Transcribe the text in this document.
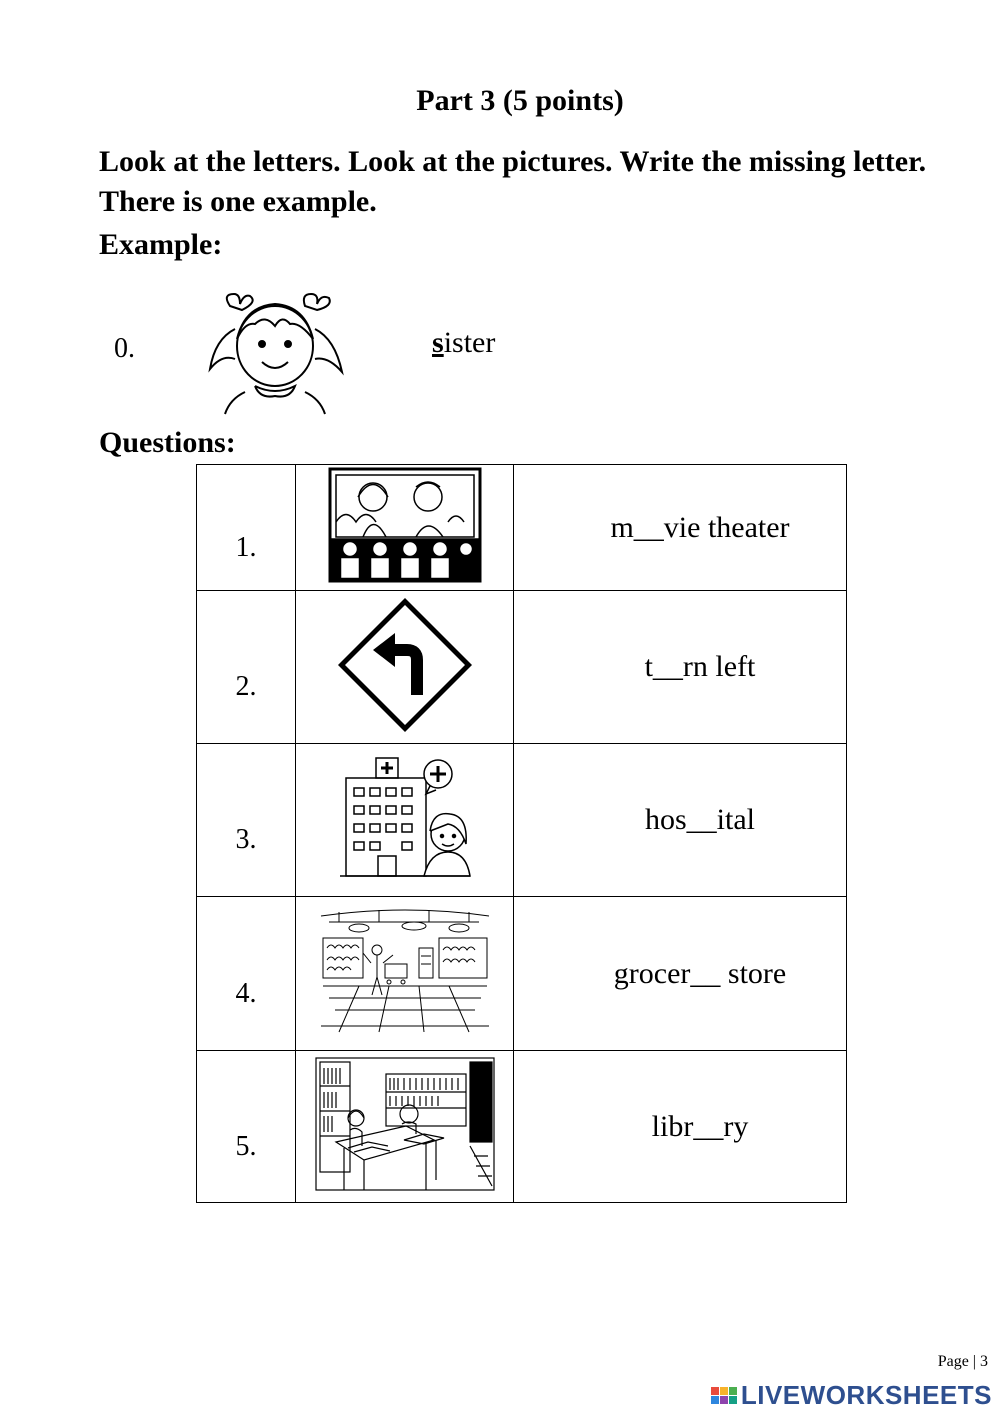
Part 3 (5 points)
Look at the letters. Look at the pictures. Write the missing letter. There is one example.
Example:
0.	sister
Questions:
1.		m__vie theater

2.		t__rn left

3.		hos__ital

4.		grocer__ store

5.		libr__ry
Page | 3
LIVEWORKSHEETS
